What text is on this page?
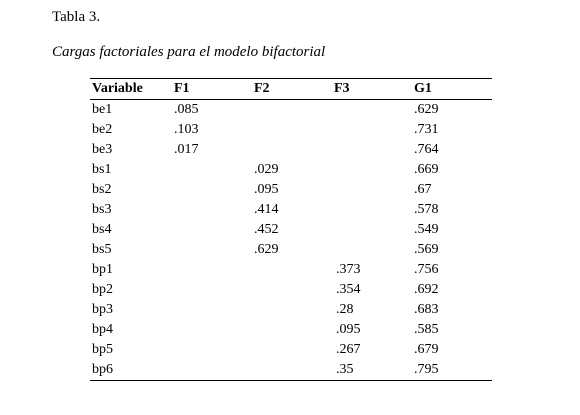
Tabla 3.

Cargas factoriales para el modelo bifactorial

Variable	F1	F2	F3	G1
be1	.085			.629
be2	.103			.731
be3	.017			.764
bs1		.029		.669
bs2		.095		.67
bs3		.414		.578
bs4		.452		.549
bs5		.629		.569
bp1			.373	.756
bp2			.354	.692
bp3			.28	.683
bp4			.095	.585
bp5			.267	.679
bp6			.35	.795
